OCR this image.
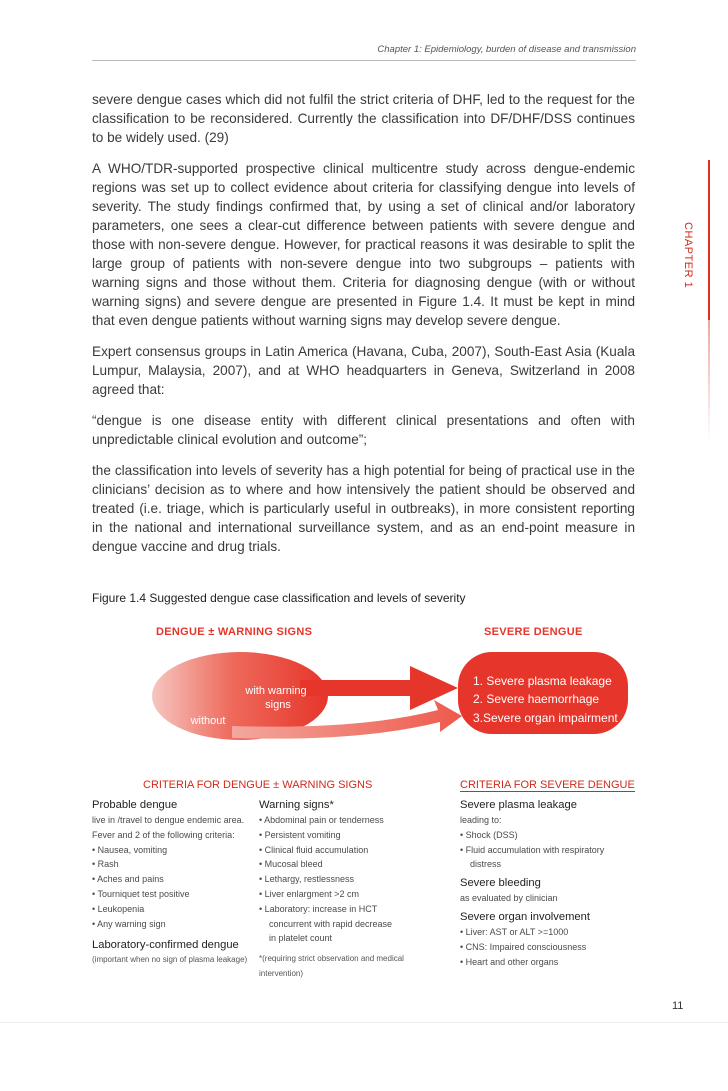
Chapter 1: Epidemiology, burden of disease and transmission
CHAPTER 1

severe dengue cases which did not fulfil the strict criteria of DHF, led to the request for the classification to be reconsidered. Currently the classification into DF/DHF/DSS continues to be widely used. (29)

A WHO/TDR-supported prospective clinical multicentre study across dengue-endemic regions was set up to collect evidence about criteria for classifying dengue into levels of severity. The study findings confirmed that, by using a set of clinical and/or laboratory parameters, one sees a clear-cut difference between patients with severe dengue and those with non-severe dengue. However, for practical reasons it was desirable to split the large group of patients with non-severe dengue into two subgroups – patients with warning signs and those without them. Criteria for diagnosing dengue (with or without warning signs) and severe dengue are presented in Figure 1.4. It must be kept in mind that even dengue patients without warning signs may develop severe dengue.

Expert consensus groups in Latin America (Havana, Cuba, 2007), South-East Asia (Kuala Lumpur, Malaysia, 2007), and at WHO headquarters in Geneva, Switzerland in 2008 agreed that:

“dengue is one disease entity with different clinical presentations and often with unpredictable clinical evolution and outcome”;

the classification into levels of severity has a high potential for being of practical use in the clinicians’ decision as to where and how intensively the patient should be observed and treated (i.e. triage, which is particularly useful in outbreaks), in more consistent reporting in the national and international surveillance system, and as an end-point measure in dengue vaccine and drug trials.

Figure 1.4 Suggested dengue case classification and levels of severity
DENGUE ± WARNING SIGNS	SEVERE DENGUE
with warning
signs
without
1. Severe plasma leakage
2. Severe haemorrhage
3.Severe organ impairment
CRITERIA FOR DENGUE ± WARNING SIGNS	CRITERIA FOR SEVERE DENGUE
Probable dengue
live in /travel to dengue endemic area.
Fever and 2 of the following criteria:
• Nausea, vomiting
• Rash
• Aches and pains
• Tourniquet test positive
• Leukopenia
• Any warning sign
Laboratory-confirmed dengue
(important when no sign of plasma leakage)
Warning signs*
• Abdominal pain or tenderness
• Persistent vomiting
• Clinical fluid accumulation
• Mucosal bleed
• Lethargy, restlessness
• Liver enlargment >2 cm
• Laboratory: increase in HCT
concurrent with rapid decrease
in platelet count
*(requiring strict observation and medical
intervention)
Severe plasma leakage
leading to:
• Shock (DSS)
• Fluid accumulation with respiratory
distress
Severe bleeding
as evaluated by clinician
Severe organ involvement
• Liver: AST or ALT >=1000
• CNS: Impaired consciousness
• Heart and other organs
11
